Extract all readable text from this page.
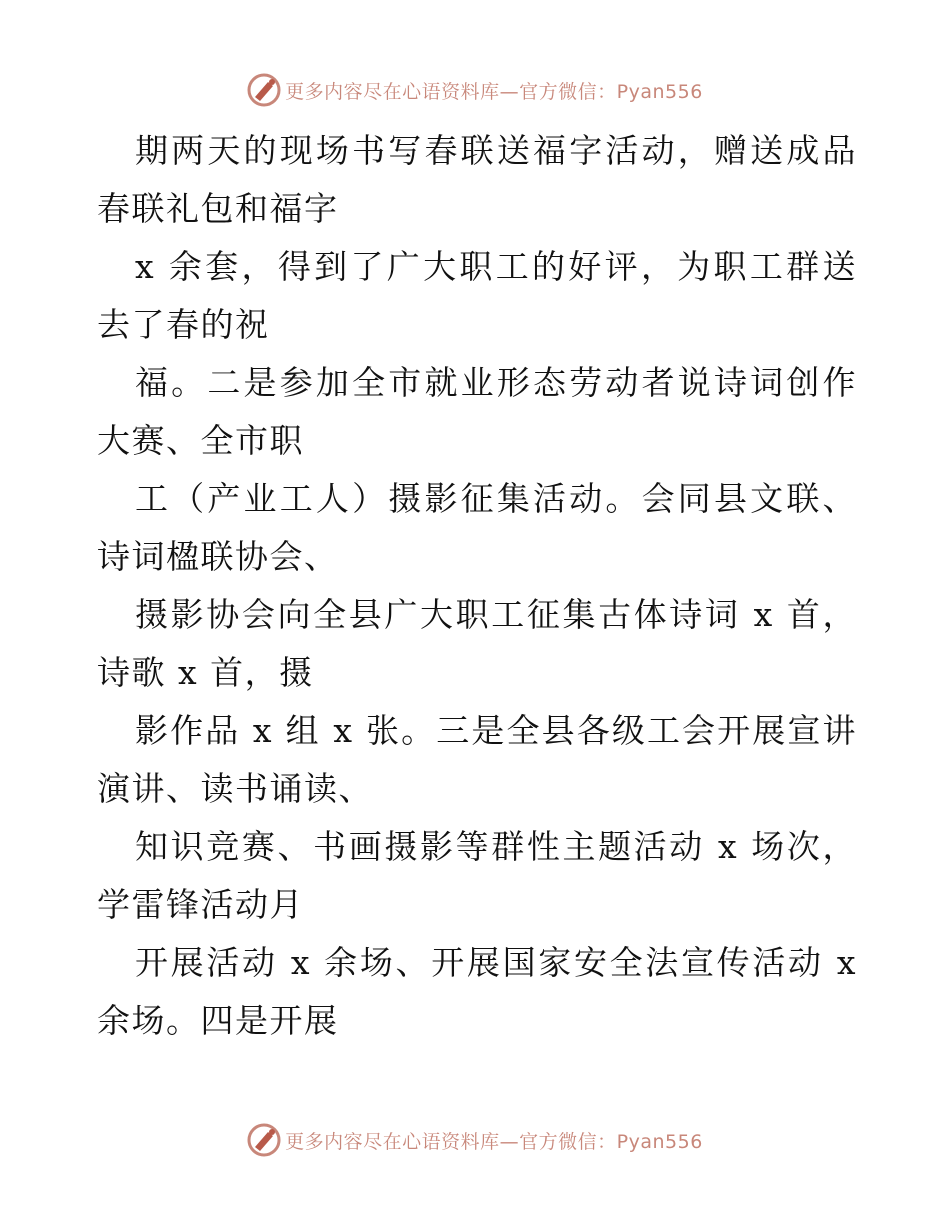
更多内容尽在心语资料库—官方微信：Pyan556

期两天的现场书写春联送福字活动，赠送成品春联礼包和福字

x 余套，得到了广大职工的好评，为职工群送去了春的祝

福。二是参加全市就业形态劳动者说诗词创作大赛、全市职

工（产业工人）摄影征集活动。会同县文联、诗词楹联协会、

摄影协会向全县广大职工征集古体诗词 x 首，诗歌 x 首，摄

影作品 x 组 x 张。三是全县各级工会开展宣讲演讲、读书诵读、

知识竞赛、书画摄影等群性主题活动 x 场次，学雷锋活动月

开展活动 x 余场、开展国家安全法宣传活动 x 余场。四是开展

更多内容尽在心语资料库—官方微信：Pyan556
